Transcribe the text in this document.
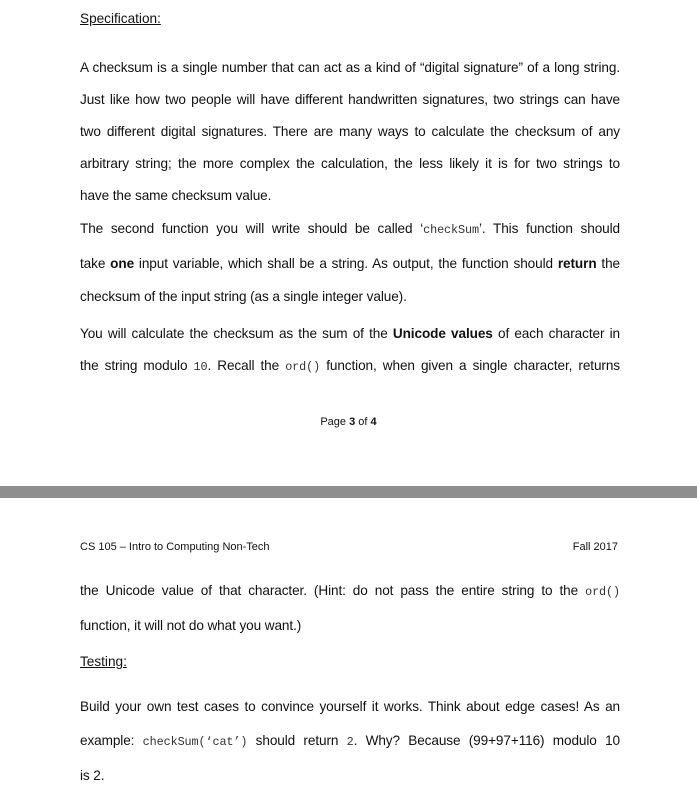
Specification:
A checksum is a single number that can act as a kind of “digital signature” of a long string.
Just like how two people will have different handwritten signatures, two strings can have
two different digital signatures. There are many ways to calculate the checksum of any
arbitrary string; the more complex the calculation, the less likely it is for two strings to
have the same checksum value.
The second function you will write should be called ‘checkSum’. This function should
take one input variable, which shall be a string. As output, the function should return the
checksum of the input string (as a single integer value).
You will calculate the checksum as the sum of the Unicode values of each character in
the string modulo 10. Recall the ord() function, when given a single character, returns
Page 3 of 4
CS 105 – Intro to Computing Non-Tech	Fall 2017
the Unicode value of that character. (Hint: do not pass the entire string to the ord()
function, it will not do what you want.)
Testing:
Build your own test cases to convince yourself it works. Think about edge cases! As an
example: checkSum(‘cat’) should return 2. Why? Because (99+97+116) modulo 10
is 2.
